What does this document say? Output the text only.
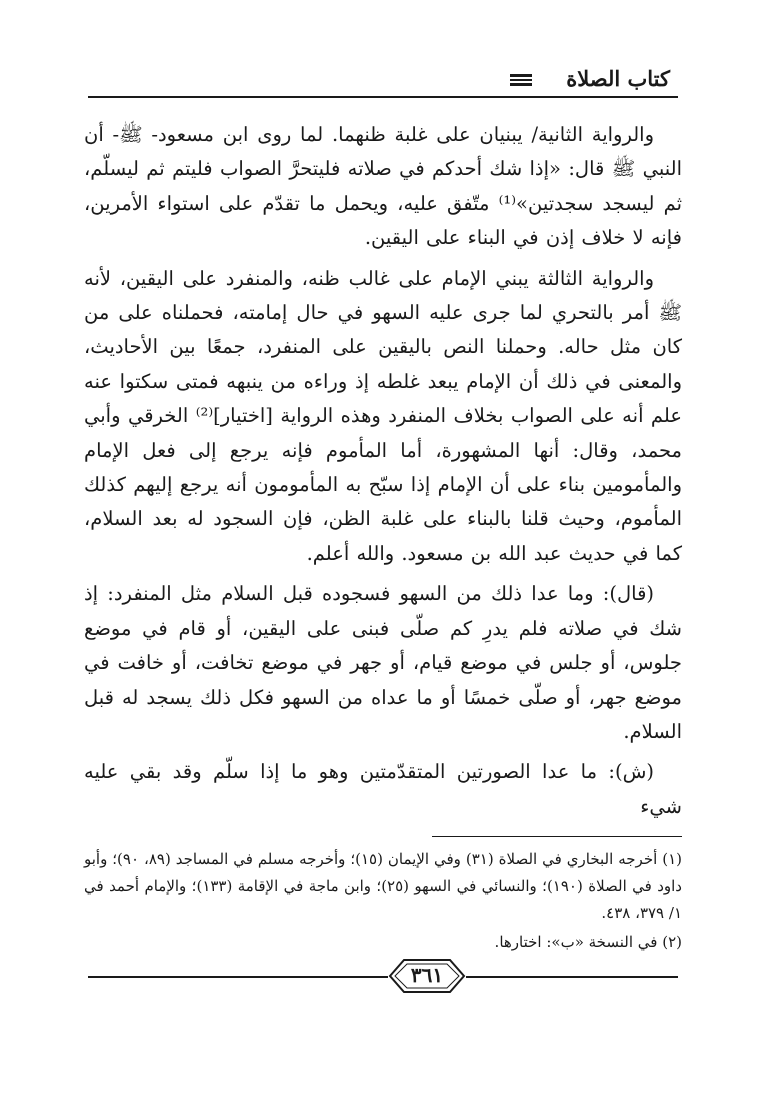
كتاب الصلاة

والرواية الثانية/ يبنيان على غلبة ظنهما. لما روى ابن مسعود- ﷺ- أن النبي ﷺ قال: «إذا شك أحدكم في صلاته فليتحرَّ الصواب فليتم ثم ليسلّم، ثم ليسجد سجدتين»⁽¹⁾ متّفق عليه، ويحمل ما تقدّم على استواء الأمرين، فإنه لا خلاف إذن في البناء على اليقين.

والرواية الثالثة يبني الإمام على غالب ظنه، والمنفرد على اليقين، لأنه ﷺ أمر بالتحري لما جرى عليه السهو في حال إمامته، فحملناه على من كان مثل حاله. وحملنا النص باليقين على المنفرد، جمعًا بين الأحاديث، والمعنى في ذلك أن الإمام يبعد غلطه إذ وراءه من ينبهه فمتى سكتوا عنه علم أنه على الصواب بخلاف المنفرد وهذه الرواية [اختيار]⁽²⁾ الخرقي وأبي محمد، وقال: أنها المشهورة، أما المأموم فإنه يرجع إلى فعل الإمام والمأمومين بناء على أن الإمام إذا سبّح به المأمومون أنه يرجع إليهم كذلك المأموم، وحيث قلنا بالبناء على غلبة الظن، فإن السجود له بعد السلام، كما في حديث عبد الله بن مسعود. والله أعلم.

(قال): وما عدا ذلك من السهو فسجوده قبل السلام مثل المنفرد: إذ شك في صلاته فلم يدرِ كم صلّى فبنى على اليقين، أو قام في موضع جلوس، أو جلس في موضع قيام، أو جهر في موضع تخافت، أو خافت في موضع جهر، أو صلّى خمسًا أو ما عداه من السهو فكل ذلك يسجد له قبل السلام.

(ش): ما عدا الصورتين المتقدّمتين وهو ما إذا سلّم وقد بقي عليه شيء

(١) أخرجه البخاري في الصلاة (٣١) وفي الإيمان (١٥)؛ وأخرجه مسلم في المساجد (٨٩، ٩٠)؛ وأبو داود في الصلاة (١٩٠)؛ والنسائي في السهو (٢٥)؛ وابن ماجة في الإقامة (١٣٣)؛ والإمام أحمد في ١/ ٣٧٩، ٤٣٨.

(٢) في النسخة «ب»: اختارها.

٣٦١
